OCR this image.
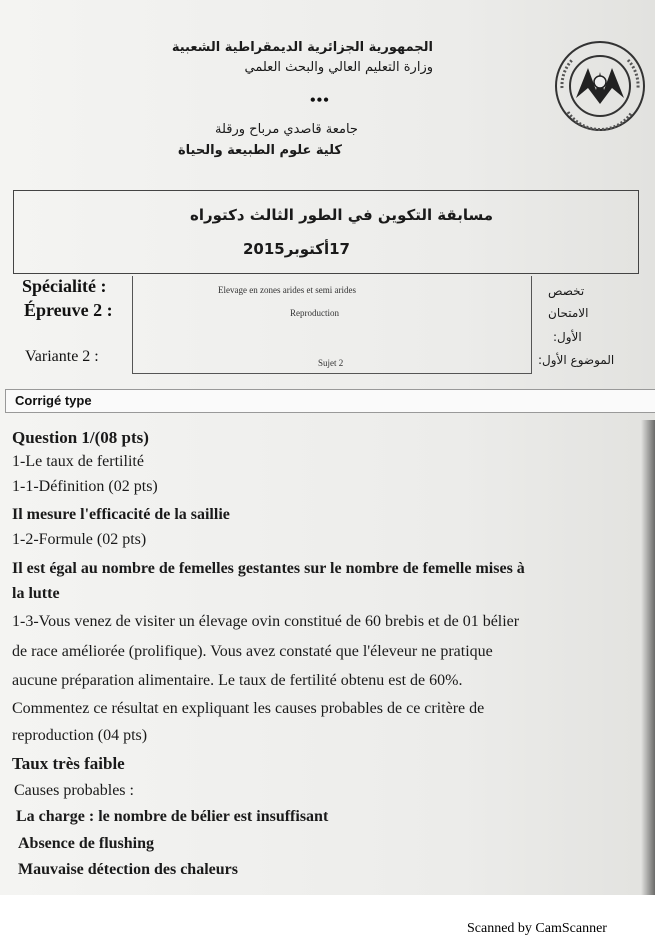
الجمهورية الجزائرية الديمقراطية الشعبية
وزارة التعليم العالي والبحث العلمي
•••
جامعة قاصدي مرباح ورقلة
كلية علوم الطبيعة والحياة
مسابقة التكوين في الطور الثالث دكتوراه
17أكتوبر2015
Spécialité :
Épreuve 2 :
Variante 2 :
Elevage en zones arides et semi arides
Reproduction
Sujet 2
تخصص
الامتحان
الأول:
الموضوع الأول:
Corrigé type
Question 1/(08 pts)
1-Le taux de fertilité
1-1-Définition (02 pts)
Il mesure l'efficacité de la saillie
1-2-Formule (02 pts)
Il est égal au nombre de femelles gestantes sur le nombre de femelle mises à
la lutte
1-3-Vous venez de visiter un élevage ovin constitué de 60 brebis et de 01 bélier
de race améliorée (prolifique). Vous avez constaté que l'éleveur ne pratique
aucune préparation alimentaire. Le taux de fertilité obtenu est de 60%.
Commentez ce résultat en expliquant les causes probables de ce critère de
reproduction (04 pts)
Taux très faible
Causes probables :
La charge : le nombre de bélier est insuffisant
Absence de flushing
Mauvaise détection des chaleurs
Scanned by CamScanner
